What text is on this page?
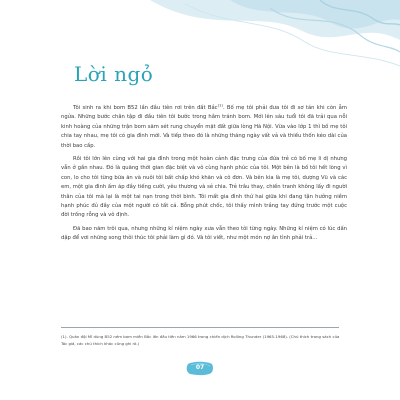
Lời ngỏ

Tôi sinh ra khi bom B52 lần đầu tiên rơi trên đất Bắc$^{(1)}$. Bố mẹ tôi phải đưa tôi đi sơ tán khi còn ẵm ngửa. Những bước chân tập đi đầu tiên tôi bước trong hầm tránh bom. Mới lên sáu tuổi tôi đã trải qua nỗi kinh hoàng của những trận bom săm sét rung chuyển mặt đất giữa lòng Hà Nội. Vừa vào lớp 1 thì bố mẹ tôi chia tay nhau, mẹ tôi có gia đình mới. Và tiếp theo đó là những tháng ngày vất vả và thiếu thốn kéo dài của thời bao cấp.

Rồi tôi lớn lên cùng với hai gia đình trong một hoàn cảnh đặc trưng của đứa trẻ có bố mẹ li dị nhưng vẫn ở gần nhau. Đó là quãng thời gian đặc biệt và vô cùng hạnh phúc của tôi. Một bên là bố tôi hết lòng vì con, lo cho tôi từng bữa ăn và nuôi tôi bất chấp khó khăn và cô đơn. Và bên kia là mẹ tôi, dượng Vũ và các em, một gia đình ấm áp đầy tiếng cười, yêu thương và sẻ chia. Trẻ trâu thay, chiến tranh không lấy đi người thân của tôi mà lại là một tai nạn trong thời bình. Tôi mất gia đình thứ hai giữa khi đang tận hưởng niềm hạnh phúc đủ đầy của một người có tất cả. Bỗng phút chốc, tôi thấy mình trắng tay đứng trước một cuộc đời trống rỗng và vô định.

Đã bao năm trôi qua, nhưng những kí niệm ngày xưa vẫn theo tôi từng ngày. Những kí niệm có lúc dấn dập để vơi những song thôi thúc tôi phải làm gì đó. Và tôi viết, như một món nợ ân tình phải trả...

(1). Quân đội Mĩ dùng B52 ném bom miền Bắc lần đầu tiên năm 1966 trong chiến dịch Rolling Thunder (1965-1968). (Chú thích trong sách của Tác giả, các chú thích khác cũng ghi rõ.)

07
